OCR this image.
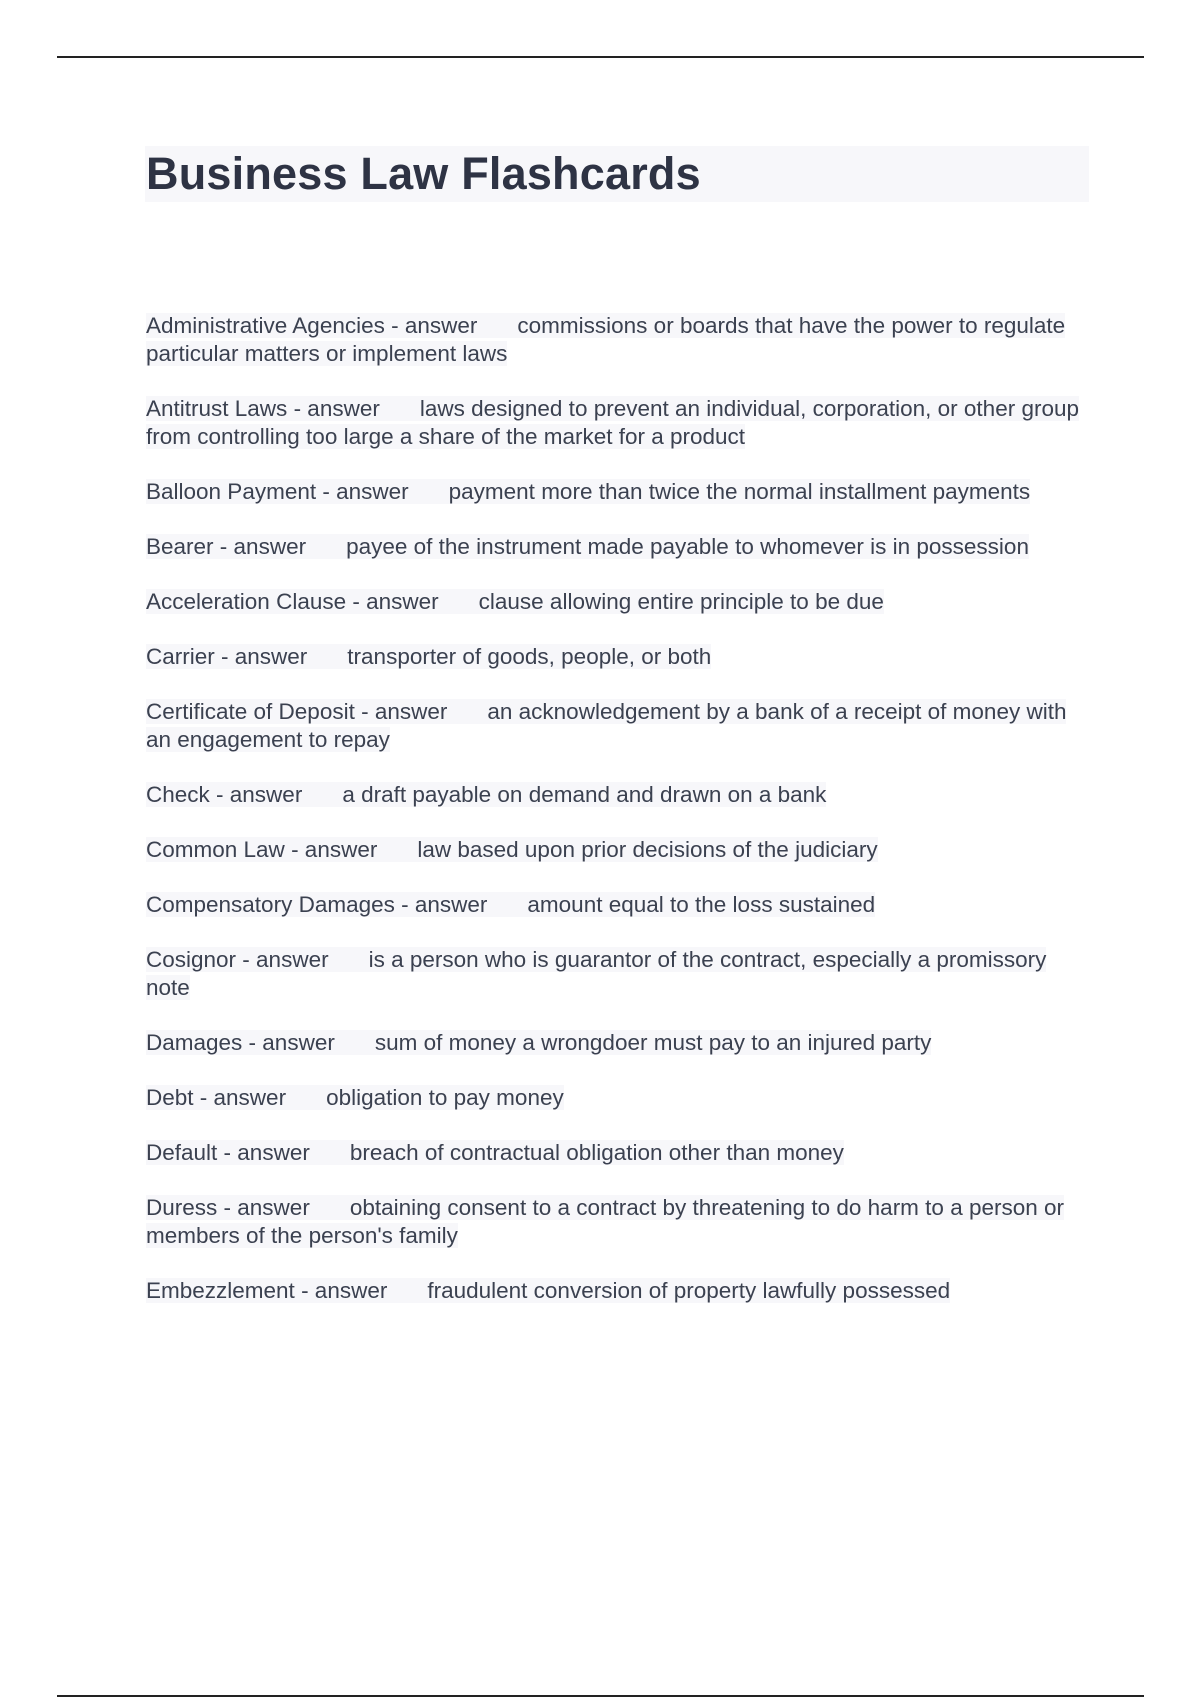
Business Law Flashcards
Administrative Agencies - answer commissions or boards that have the power to regulate particular matters or implement laws
Antitrust Laws - answer laws designed to prevent an individual, corporation, or other group from controlling too large a share of the market for a product
Balloon Payment - answer payment more than twice the normal installment payments
Bearer - answer payee of the instrument made payable to whomever is in possession
Acceleration Clause - answer clause allowing entire principle to be due
Carrier - answer transporter of goods, people, or both
Certificate of Deposit - answer an acknowledgement by a bank of a receipt of money with an engagement to repay
Check - answer a draft payable on demand and drawn on a bank
Common Law - answer law based upon prior decisions of the judiciary
Compensatory Damages - answer amount equal to the loss sustained
Cosignor - answer is a person who is guarantor of the contract, especially a promissory note
Damages - answer sum of money a wrongdoer must pay to an injured party
Debt - answer obligation to pay money
Default - answer breach of contractual obligation other than money
Duress - answer obtaining consent to a contract by threatening to do harm to a person or members of the person's family
Embezzlement - answer fraudulent conversion of property lawfully possessed
